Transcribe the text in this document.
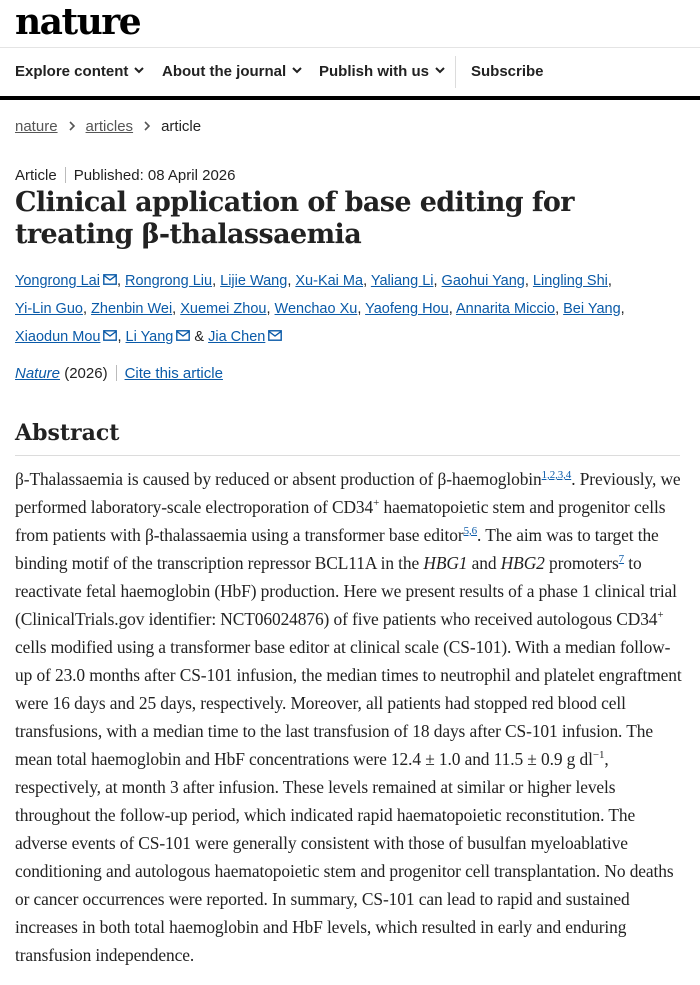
nature
Explore content	About the journal	Publish with us	Subscribe
nature articles article
Article Published: 08 April 2026
Clinical application of base editing for treating β-thalassaemia
Yongrong Lai , Rongrong Liu, Lijie Wang, Xu-Kai Ma, Yaliang Li, Gaohui Yang, Lingling Shi, Yi-Lin Guo, Zhenbin Wei, Xuemei Zhou, Wenchao Xu, Yaofeng Hou, Annarita Miccio, Bei Yang, Xiaodun Mou , Li Yang & Jia Chen
Nature (2026) Cite this article
Abstract

β-Thalassaemia is caused by reduced or absent production of β-haemoglobin$^{1,2,3,4}$. Previously, we performed laboratory-scale electroporation of CD34+ haematopoietic stem and progenitor cells from patients with β-thalassaemia using a transformer base editor$^{5,6}$. The aim was to target the binding motif of the transcription repressor BCL11A in the HBG1 and HBG2 promoters$^7$ to reactivate fetal haemoglobin (HbF) production. Here we present results of a phase 1 clinical trial (ClinicalTrials.gov identifier: NCT06024876) of five patients who received autologous CD34+ cells modified using a transformer base editor at clinical scale (CS-101). With a median follow-up of 23.0 months after CS-101 infusion, the median times to neutrophil and platelet engraftment were 16 days and 25 days, respectively. Moreover, all patients had stopped red blood cell transfusions, with a median time to the last transfusion of 18 days after CS-101 infusion. The mean total haemoglobin and HbF concentrations were 12.4 ± 1.0 and 11.5 ± 0.9 g $dl^{-1}$, respectively, at month 3 after infusion. These levels remained at similar or higher levels throughout the follow-up period, which indicated rapid haematopoietic reconstitution. The adverse events of CS-101 were generally consistent with those of busulfan myeloablative conditioning and autologous haematopoietic stem and progenitor cell transplantation. No deaths or cancer occurrences were reported. In summary, CS-101 can lead to rapid and sustained increases in both total haemoglobin and HbF levels, which resulted in early and enduring transfusion independence.
